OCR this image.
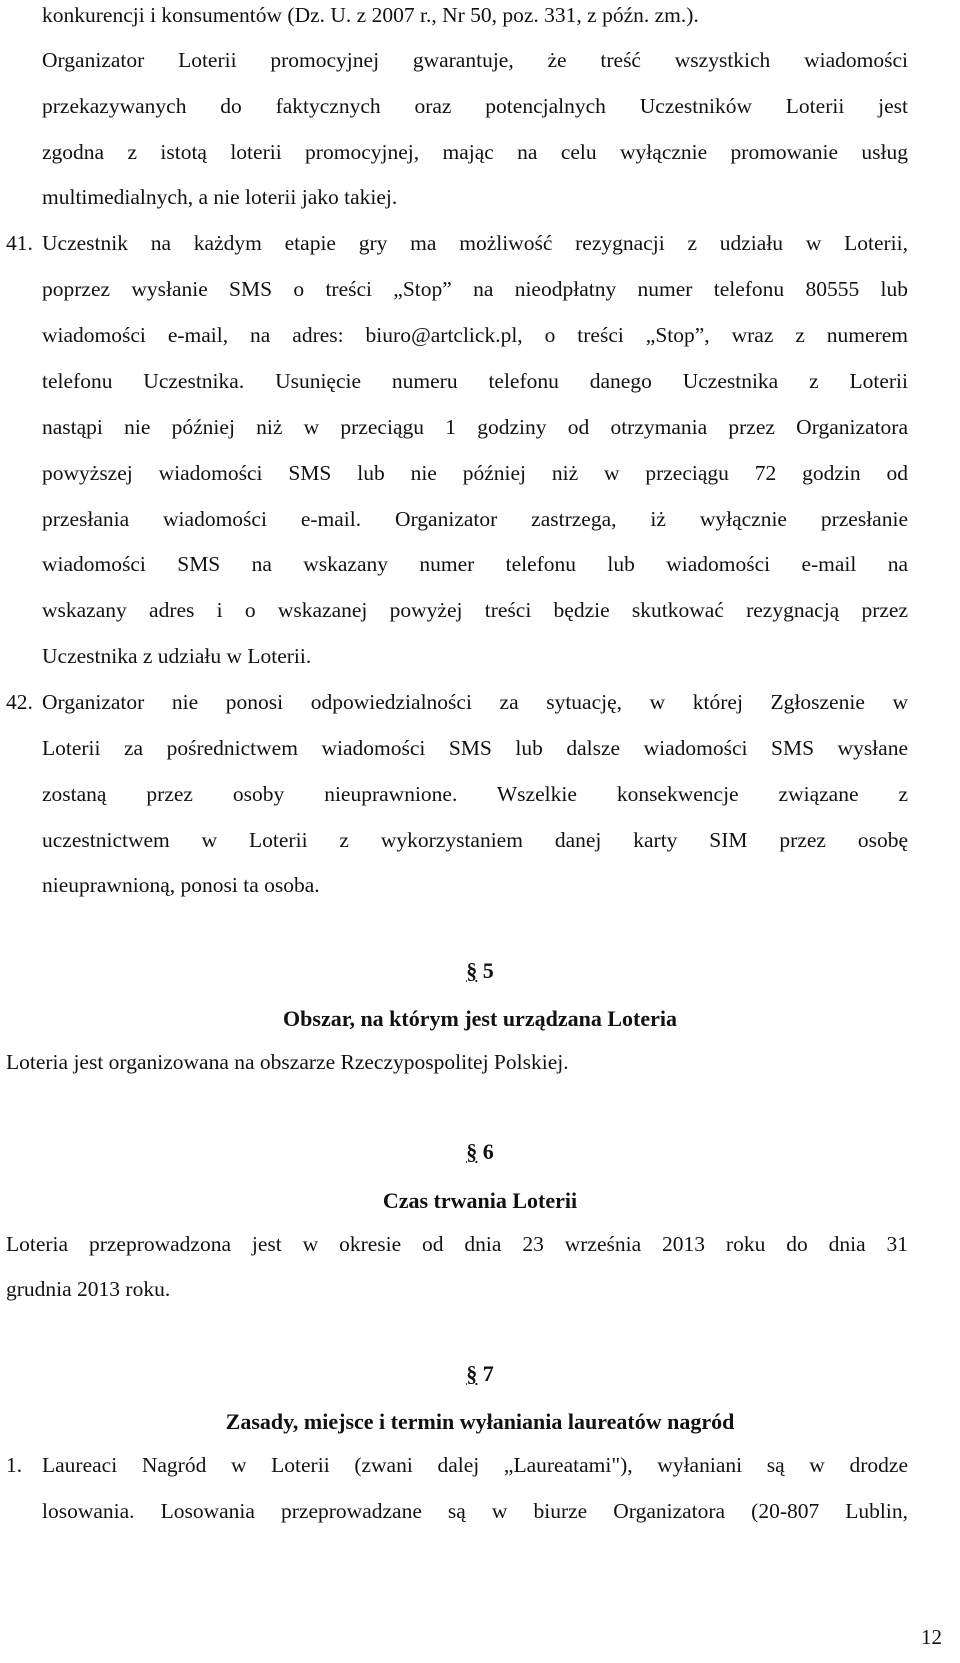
konkurencji i konsumentów (Dz. U. z 2007 r., Nr 50, poz. 331, z późn. zm.).
Organizator Loterii promocyjnej gwarantuje, że treść wszystkich wiadomości
przekazywanych do faktycznych oraz potencjalnych Uczestników Loterii jest
zgodna z istotą loterii promocyjnej, mając na celu wyłącznie promowanie usług
multimedialnych, a nie loterii jako takiej.
41. Uczestnik na każdym etapie gry ma możliwość rezygnacji z udziału w Loterii,
poprzez wysłanie SMS o treści „Stop” na nieodpłatny numer telefonu 80555 lub
wiadomości e-mail, na adres: biuro@artclick.pl, o treści „Stop”, wraz z numerem
telefonu Uczestnika. Usunięcie numeru telefonu danego Uczestnika z Loterii
nastąpi nie później niż w przeciągu 1 godziny od otrzymania przez Organizatora
powyższej wiadomości SMS lub nie później niż w przeciągu 72 godzin od
przesłania wiadomości e-mail. Organizator zastrzega, iż wyłącznie przesłanie
wiadomości SMS na wskazany numer telefonu lub wiadomości e-mail na
wskazany adres i o wskazanej powyżej treści będzie skutkować rezygnacją przez
Uczestnika z udziału w Loterii.
42. Organizator nie ponosi odpowiedzialności za sytuację, w której Zgłoszenie w
Loterii za pośrednictwem wiadomości SMS lub dalsze wiadomości SMS wysłane
zostaną przez osoby nieuprawnione. Wszelkie konsekwencje związane z
uczestnictwem w Loterii z wykorzystaniem danej karty SIM przez osobę
nieuprawnioną, ponosi ta osoba.
§ 5
Obszar, na którym jest urządzana Loteria
Loteria jest organizowana na obszarze Rzeczypospolitej Polskiej.
§ 6
Czas trwania Loterii
Loteria przeprowadzona jest w okresie od dnia 23 września 2013 roku do dnia 31
grudnia 2013 roku.
§ 7
Zasady, miejsce i termin wyłaniania laureatów nagród
1. Laureaci Nagród w Loterii (zwani dalej „Laureatami"), wyłaniani są w drodze
losowania. Losowania przeprowadzane są w biurze Organizatora (20-807 Lublin,
12
